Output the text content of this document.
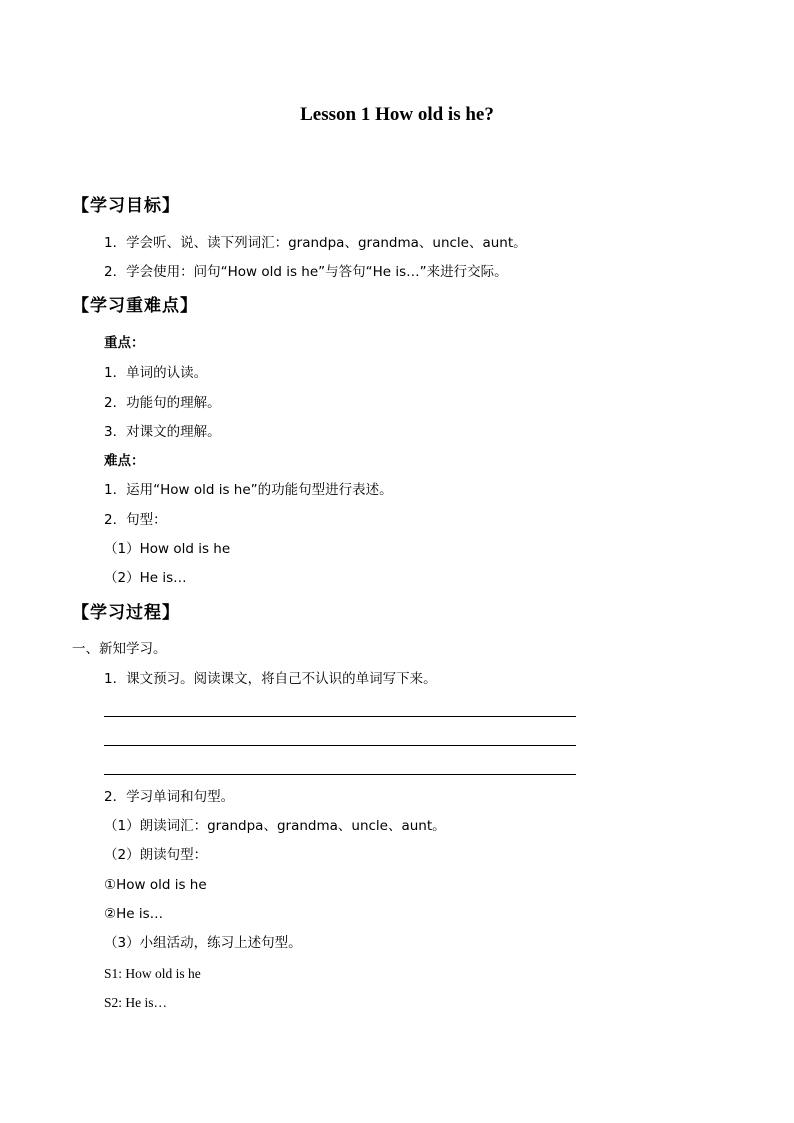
Lesson 1 How old is he?
【学习目标】
1．学会听、说、读下列词汇：grandpa、grandma、uncle、aunt。
2．学会使用：问句“How old is he”与答句“He is…”来进行交际。
【学习重难点】
重点：
1．单词的认读。
2．功能句的理解。
3．对课文的理解。
难点：
1．运用“How old is he”的功能句型进行表述。
2．句型：
（1）How old is he
（2）He is…
【学习过程】
一、新知学习。
1．课文预习。阅读课文，将自己不认识的单词写下来。
2．学习单词和句型。
（1）朗读词汇：grandpa、grandma、uncle、aunt。
（2）朗读句型：
①How old is he
②He is…
（3）小组活动，练习上述句型。
S1: How old is he
S2: He is…
